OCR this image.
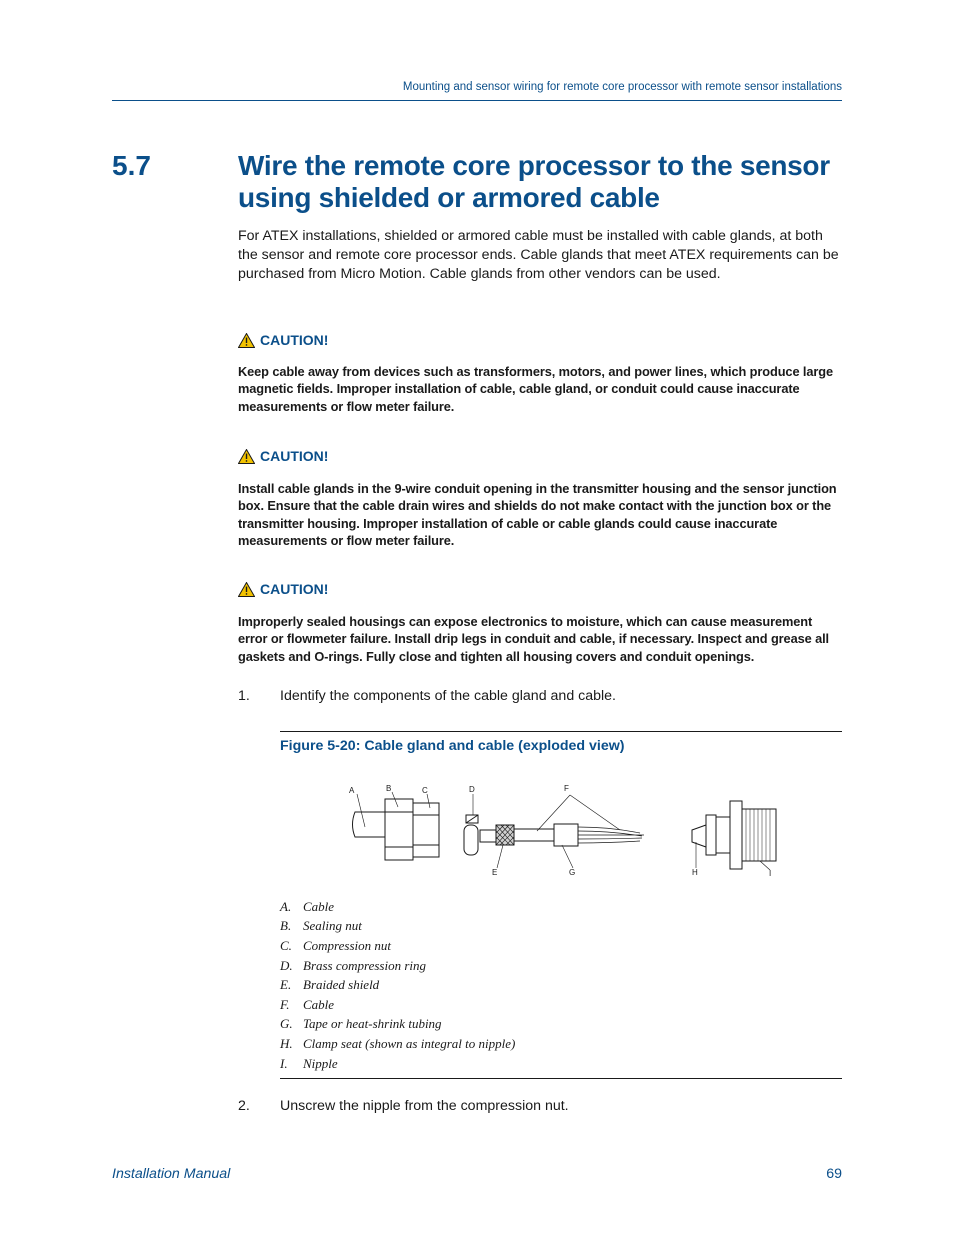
Mounting and sensor wiring for remote core processor with remote sensor installations
5.7	Wire the remote core processor to the sensor using shielded or armored cable
For ATEX installations, shielded or armored cable must be installed with cable glands, at both the sensor and remote core processor ends. Cable glands that meet ATEX requirements can be purchased from Micro Motion. Cable glands from other vendors can be used.
CAUTION!
Keep cable away from devices such as transformers, motors, and power lines, which produce large magnetic fields. Improper installation of cable, cable gland, or conduit could cause inaccurate measurements or flow meter failure.
CAUTION!
Install cable glands in the 9-wire conduit opening in the transmitter housing and the sensor junction box. Ensure that the cable drain wires and shields do not make contact with the junction box or the transmitter housing. Improper installation of cable or cable glands could cause inaccurate measurements or flow meter failure.
CAUTION!
Improperly sealed housings can expose electronics to moisture, which can cause measurement error or flowmeter failure. Install drip legs in conduit and cable, if necessary. Inspect and grease all gaskets and O-rings. Fully close and tighten all housing covers and conduit openings.
1.	Identify the components of the cable gland and cable.
Figure 5-20: Cable gland and cable (exploded view)
A	B	C	D	F
E	G	H	I
A. Cable
B. Sealing nut
C. Compression nut
D. Brass compression ring
E. Braided shield
F.	Cable
G. Tape or heat-shrink tubing
H. Clamp seat (shown as integral to nipple)
I.	Nipple
2.	Unscrew the nipple from the compression nut.
Installation Manual	69
